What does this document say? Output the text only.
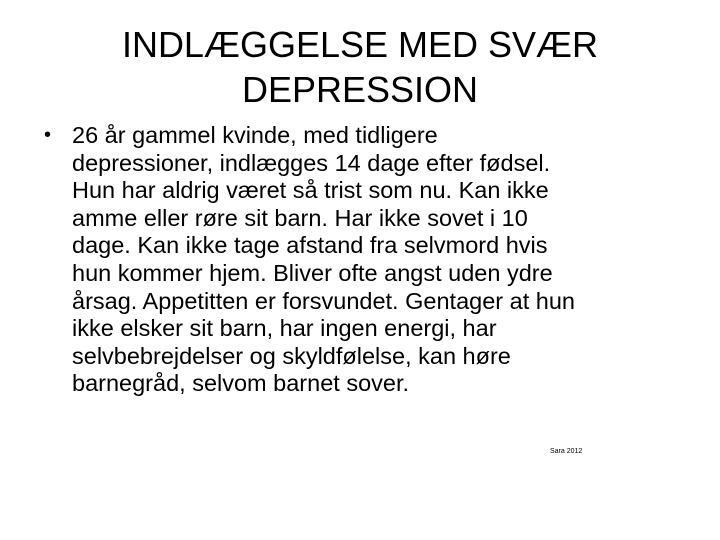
INDLÆGGELSE MED SVÆR
DEPRESSION
• 26 år gammel kvinde, med tidligere
depressioner, indlægges 14 dage efter fødsel.
Hun har aldrig været så trist som nu. Kan ikke
amme eller røre sit barn. Har ikke sovet i 10
dage. Kan ikke tage afstand fra selvmord hvis
hun kommer hjem. Bliver ofte angst uden ydre
årsag. Appetitten er forsvundet. Gentager at hun
ikke elsker sit barn, har ingen energi, har
selvbebrejdelser og skyldfølelse, kan høre
barnegråd, selvom barnet sover.
Sara 2012
